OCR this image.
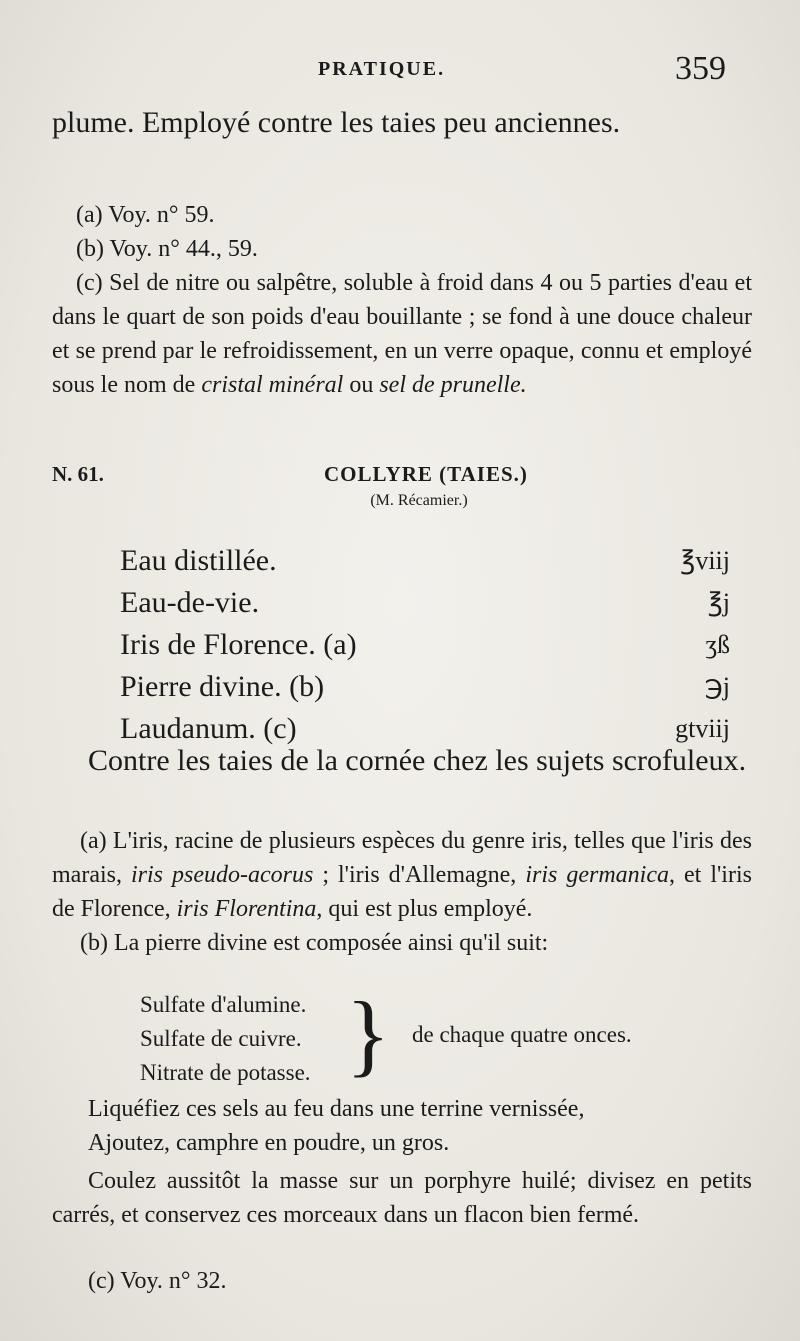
PRATIQUE.	359

plume. Employé contre les taies peu anciennes.

(a) Voy. n° 59.

(b) Voy. n° 44., 59.

(c) Sel de nitre ou salpêtre, soluble à froid dans 4 ou 5 parties d'eau et dans le quart de son poids d'eau bouillante ; se fond à une douce chaleur et se prend par le refroidissement, en un verre opaque, connu et employé sous le nom de cristal minéral ou sel de prunelle.

N. 61.	COLLYRE (TAIES.)
(M. Récamier.)
Eau distillée.	℥viij
Eau-de-vie.	℥j
Iris de Florence. (a)	ʒß
Pierre divine. (b)	℈j
Laudanum. (c)	gtviij

Contre les taies de la cornée chez les sujets scrofuleux.

(a) L'iris, racine de plusieurs espèces du genre iris, telles que l'iris des marais, iris pseudo-acorus ; l'iris d'Allemagne, iris germanica, et l'iris de Florence, iris Florentina, qui est plus employé.

(b) La pierre divine est composée ainsi qu'il suit:

Sulfate d'alumine.
Sulfate de cuivre.
Nitrate de potasse. } de chaque quatre onces.
Liquéfiez ces sels au feu dans une terrine vernissée,
Ajoutez, camphre en poudre, un gros.

Coulez aussitôt la masse sur un porphyre huilé; divisez en petits carrés, et conservez ces morceaux dans un flacon bien fermé.

(c) Voy. n° 32.
